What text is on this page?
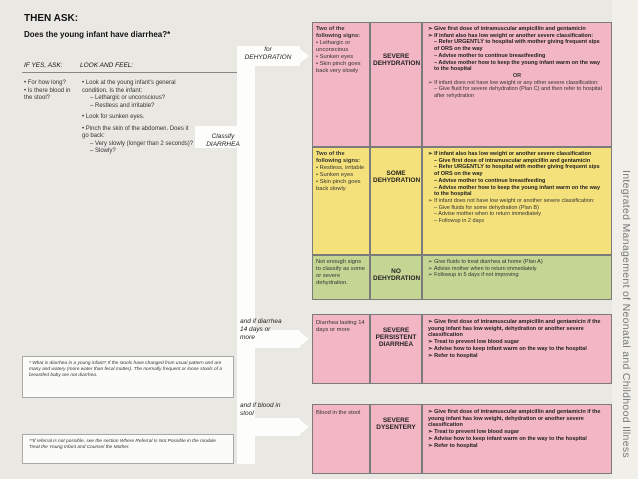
Integrated Management of Neonatal and Childhood Illness
THEN ASK:
Does the young infant have diarrhea?*
IF YES, ASK:	LOOK AND FEEL:
• For how long?
• Is there blood in the stool?
• Look at the young infant's general condition. Is the infant:
– Lethargic or unconscious?
– Restless and irritable?
• Look for sunken eyes.
• Pinch the skin of the abdomen. Does it go back:
– Very slowly (longer than 2 seconds)?
– Slowly?
for DEHYDRATION
Classify DIARRHEA
and if diarrhea 14 days or more
and if blood in stool
* What is diarrhea in a young infant? If the stools have changed from usual pattern and are many and watery (more water than fecal matter). The normally frequent or loose stools of a breastfed baby are not diarrhea.
**If referral is not possible, see the section Where Referral Is Not Possible in the module Treat the Young Infant and Counsel the Mother.
Two of the following signs:
• Lethargic or unconscious
• Sunken eyes
• Skin pinch goes back very slowly
SEVERE DEHYDRATION
➢ Give first dose of intramuscular ampicillin and gentamicin
➢ If infant also has low weight or another severe classification:
– Refer URGENTLY to hospital with mother giving frequent sips of ORS on the way
– Advise mother to continue breastfeeding
– Advise mother how to keep the young infant warm on the way to the hospital
OR
➢ If infant does not have low weight or any other severe classification:
– Give fluid for severe dehydration (Plan C) and then refer to hospital after rehydration
Two of the following signs:
• Restless, irritable
• Sunken eyes
• Skin pinch goes back slowly
SOME DEHYDRATION
➢ If infant also has low weight or another severe classification
– Give first dose of intramuscular ampicillin and gentamicin
– Refer URGENTLY to hospital with mother giving frequent sips of ORS on the way
– Advise mother to continue breastfeeding
– Advise mother how to keep the young infant warm on the way to the hospital
➢ If infant does not have low weight or another severe classification:
– Give fluids for some dehydration (Plan B)
– Advise mother when to return immediately
– Followup in 2 days
Not enough signs to classify as some or severe dehydration.
NO DEHYDRATION
➢ Give fluids to treat diarrhea at home (Plan A)
➢ Advise mother when to return immediately
➢ Followup in 5 days if not improving
Diarrhea lasting 14 days or more	SEVERE PERSISTENT DIARRHEA
➢ Give first dose of intramuscular ampicillin and gentamicin if the young infant has low weight, dehydration or another severe classification
➢ Treat to prevent low blood sugar
➢ Advise how to keep infant warm on the way to the hospital
➢ Refer to hospital
Blood in the stool
SEVERE DYSENTERY
➢ Give first dose of intramuscular ampicillin and gentamicin if the young infant has low weight, dehydration or another severe classification
➢ Treat to prevent low blood sugar
➢ Advise how to keep infant warm on the way to the hospital
➢ Refer to hospital
